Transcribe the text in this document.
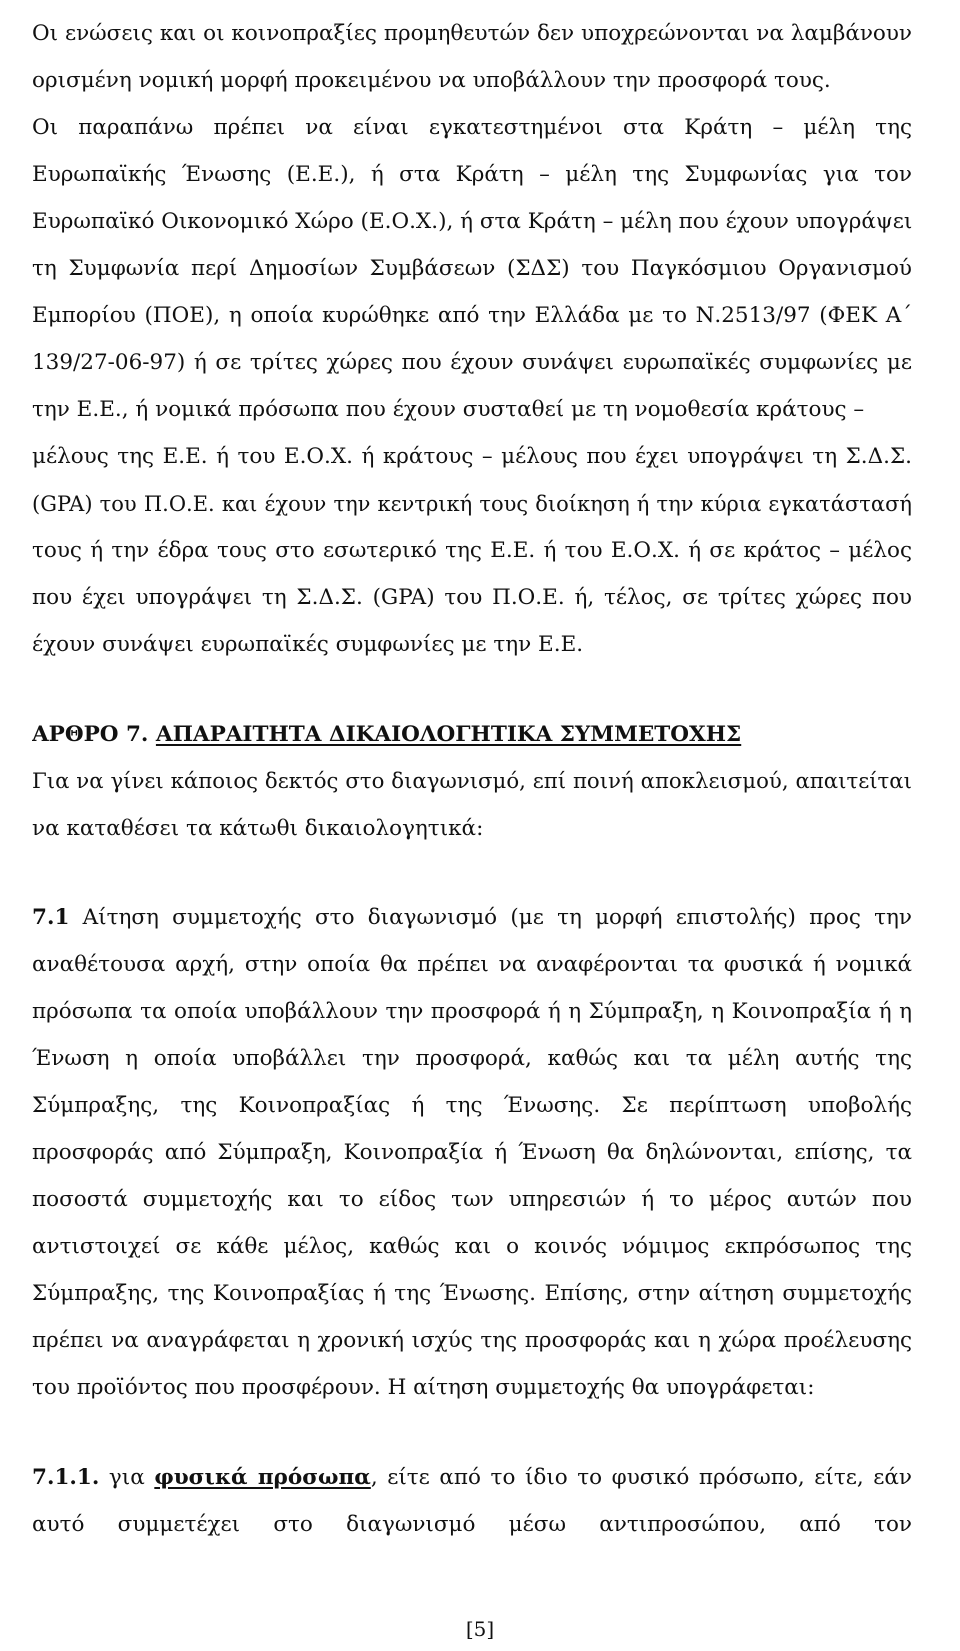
Οι ενώσεις και οι κοινοπραξίες προμηθευτών δεν υποχρεώνονται να λαμβάνουν
ορισμένη νομική μορφή προκειμένου να υποβάλλουν την προσφορά τους.
Οι παραπάνω πρέπει να είναι εγκατεστημένοι στα Κράτη – μέλη της
Ευρωπαϊκής Ένωσης (Ε.Ε.), ή στα Κράτη – μέλη της Συμφωνίας για τον
Ευρωπαϊκό Οικονομικό Χώρο (Ε.Ο.Χ.), ή στα Κράτη – μέλη που έχουν υπογράψει
τη Συμφωνία περί Δημοσίων Συμβάσεων (ΣΔΣ) του Παγκόσμιου Οργανισμού
Εμπορίου (ΠΟΕ), η οποία κυρώθηκε από την Ελλάδα με το Ν.2513/97 (ΦΕΚ Α΄
139/27-06-97) ή σε τρίτες χώρες που έχουν συνάψει ευρωπαϊκές συμφωνίες με
την Ε.Ε., ή νομικά πρόσωπα που έχουν συσταθεί με τη νομοθεσία κράτους –
μέλους της Ε.Ε. ή του Ε.Ο.Χ. ή κράτους – μέλους που έχει υπογράψει τη Σ.Δ.Σ.
(GPA) του Π.Ο.Ε. και έχουν την κεντρική τους διοίκηση ή την κύρια εγκατάστασή
τους ή την έδρα τους στο εσωτερικό της Ε.Ε. ή του Ε.Ο.Χ. ή σε κράτος – μέλος
που έχει υπογράψει τη Σ.Δ.Σ. (GPA) του Π.Ο.Ε. ή, τέλος, σε τρίτες χώρες που
έχουν συνάψει ευρωπαϊκές συμφωνίες με την Ε.Ε.
ΑΡΘΡΟ 7. ΑΠΑΡΑΙΤΗΤΑ ΔΙΚΑΙΟΛΟΓΗΤΙΚΑ ΣΥΜΜΕΤΟΧΗΣ
Για να γίνει κάποιος δεκτός στο διαγωνισμό, επί ποινή αποκλεισμού, απαιτείται
να καταθέσει τα κάτωθι δικαιολογητικά:
7.1 Αίτηση συμμετοχής στο διαγωνισμό (με τη μορφή επιστολής) προς την
αναθέτουσα αρχή, στην οποία θα πρέπει να αναφέρονται τα φυσικά ή νομικά
πρόσωπα τα οποία υποβάλλουν την προσφορά ή η Σύμπραξη, η Κοινοπραξία ή η
Ένωση η οποία υποβάλλει την προσφορά, καθώς και τα μέλη αυτής της
Σύμπραξης, της Κοινοπραξίας ή της Ένωσης. Σε περίπτωση υποβολής
προσφοράς από Σύμπραξη, Κοινοπραξία ή Ένωση θα δηλώνονται, επίσης, τα
ποσοστά συμμετοχής και το είδος των υπηρεσιών ή το μέρος αυτών που
αντιστοιχεί σε κάθε μέλος, καθώς και ο κοινός νόμιμος εκπρόσωπος της
Σύμπραξης, της Κοινοπραξίας ή της Ένωσης. Επίσης, στην αίτηση συμμετοχής
πρέπει να αναγράφεται η χρονική ισχύς της προσφοράς και η χώρα προέλευσης
του προϊόντος που προσφέρουν. Η αίτηση συμμετοχής θα υπογράφεται:
7.1.1. για φυσικά πρόσωπα, είτε από το ίδιο το φυσικό πρόσωπο, είτε, εάν
αυτό συμμετέχει στο διαγωνισμό μέσω αντιπροσώπου, από τον
[5]
